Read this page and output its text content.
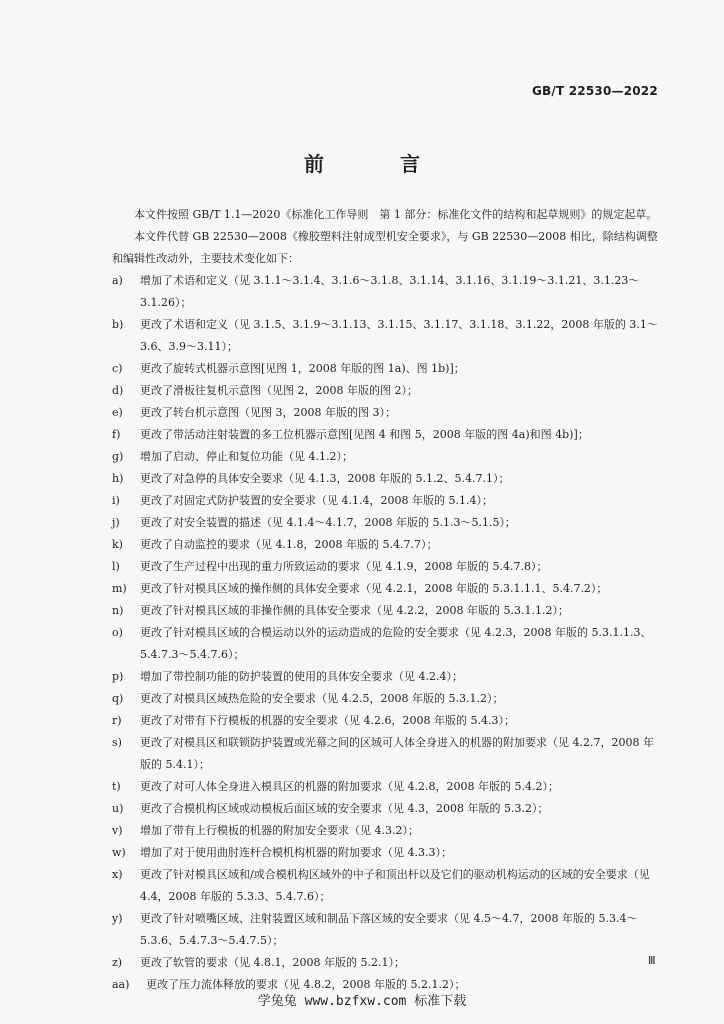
GB/T 22530—2022
前　言

本文件按照 GB/T 1.1—2020《标准化工作导则　第 1 部分：标准化文件的结构和起草规则》的规定起草。

本文件代替 GB 22530—2008《橡胶塑料注射成型机安全要求》，与 GB 22530—2008 相比，除结构调整和编辑性改动外，主要技术变化如下：

a) 增加了术语和定义（见 3.1.1～3.1.4、3.1.6～3.1.8、3.1.14、3.1.16、3.1.19～3.1.21、3.1.23～3.1.26）；

b) 更改了术语和定义（见 3.1.5、3.1.9～3.1.13、3.1.15、3.1.17、3.1.18、3.1.22，2008 年版的 3.1～3.6、3.9～3.11）；

c) 更改了旋转式机器示意图[见图 1，2008 年版的图 1a)、图 1b)]；

d) 更改了滑板往复机示意图（见图 2，2008 年版的图 2）；

e) 更改了转台机示意图（见图 3，2008 年版的图 3）；

f) 更改了带活动注射装置的多工位机器示意图[见图 4 和图 5，2008 年版的图 4a)和图 4b)]；

g) 增加了启动、停止和复位功能（见 4.1.2）；

h) 更改了对急停的具体安全要求（见 4.1.3，2008 年版的 5.1.2、5.4.7.1）；

i) 更改了对固定式防护装置的安全要求（见 4.1.4，2008 年版的 5.1.4）；

j) 更改了对安全装置的描述（见 4.1.4～4.1.7，2008 年版的 5.1.3～5.1.5）；

k) 更改了自动监控的要求（见 4.1.8，2008 年版的 5.4.7.7）；

l) 更改了生产过程中出现的重力所致运动的要求（见 4.1.9，2008 年版的 5.4.7.8）；

m) 更改了针对模具区域的操作侧的具体安全要求（见 4.2.1，2008 年版的 5.3.1.1.1、5.4.7.2）；

n) 更改了针对模具区域的非操作侧的具体安全要求（见 4.2.2，2008 年版的 5.3.1.1.2）；

o) 更改了针对模具区域的合模运动以外的运动造成的危险的安全要求（见 4.2.3，2008 年版的 5.3.1.1.3、5.4.7.3～5.4.7.6）；

p) 增加了带控制功能的防护装置的使用的具体安全要求（见 4.2.4）；

q) 更改了对模具区域热危险的安全要求（见 4.2.5，2008 年版的 5.3.1.2）；

r) 更改了对带有下行模板的机器的安全要求（见 4.2.6，2008 年版的 5.4.3）；

s) 更改了对模具区和联锁防护装置或光幕之间的区域可人体全身进入的机器的附加要求（见 4.2.7，2008 年版的 5.4.1）；

t) 更改了对可人体全身进入模具区的机器的附加要求（见 4.2.8，2008 年版的 5.4.2）；

u) 更改了合模机构区域或动模板后面区域的安全要求（见 4.3，2008 年版的 5.3.2）；

v) 增加了带有上行模板的机器的附加安全要求（见 4.3.2）；

w) 增加了对于使用曲肘连杆合模机构机器的附加要求（见 4.3.3）；

x) 更改了针对模具区域和/或合模机构区域外的中子和顶出杆以及它们的驱动机构运动的区域的安全要求（见 4.4，2008 年版的 5.3.3、5.4.7.6）；

y) 更改了针对喷嘴区域、注射装置区域和制品下落区域的安全要求（见 4.5～4.7，2008 年版的 5.3.4～5.3.6、5.4.7.3～5.4.7.5）；

z) 更改了软管的要求（见 4.8.1，2008 年版的 5.2.1）；

aa) 更改了压力流体释放的要求（见 4.8.2，2008 年版的 5.2.1.2）；

Ⅲ
学兔兔 www.bzfxw.com 标准下载
